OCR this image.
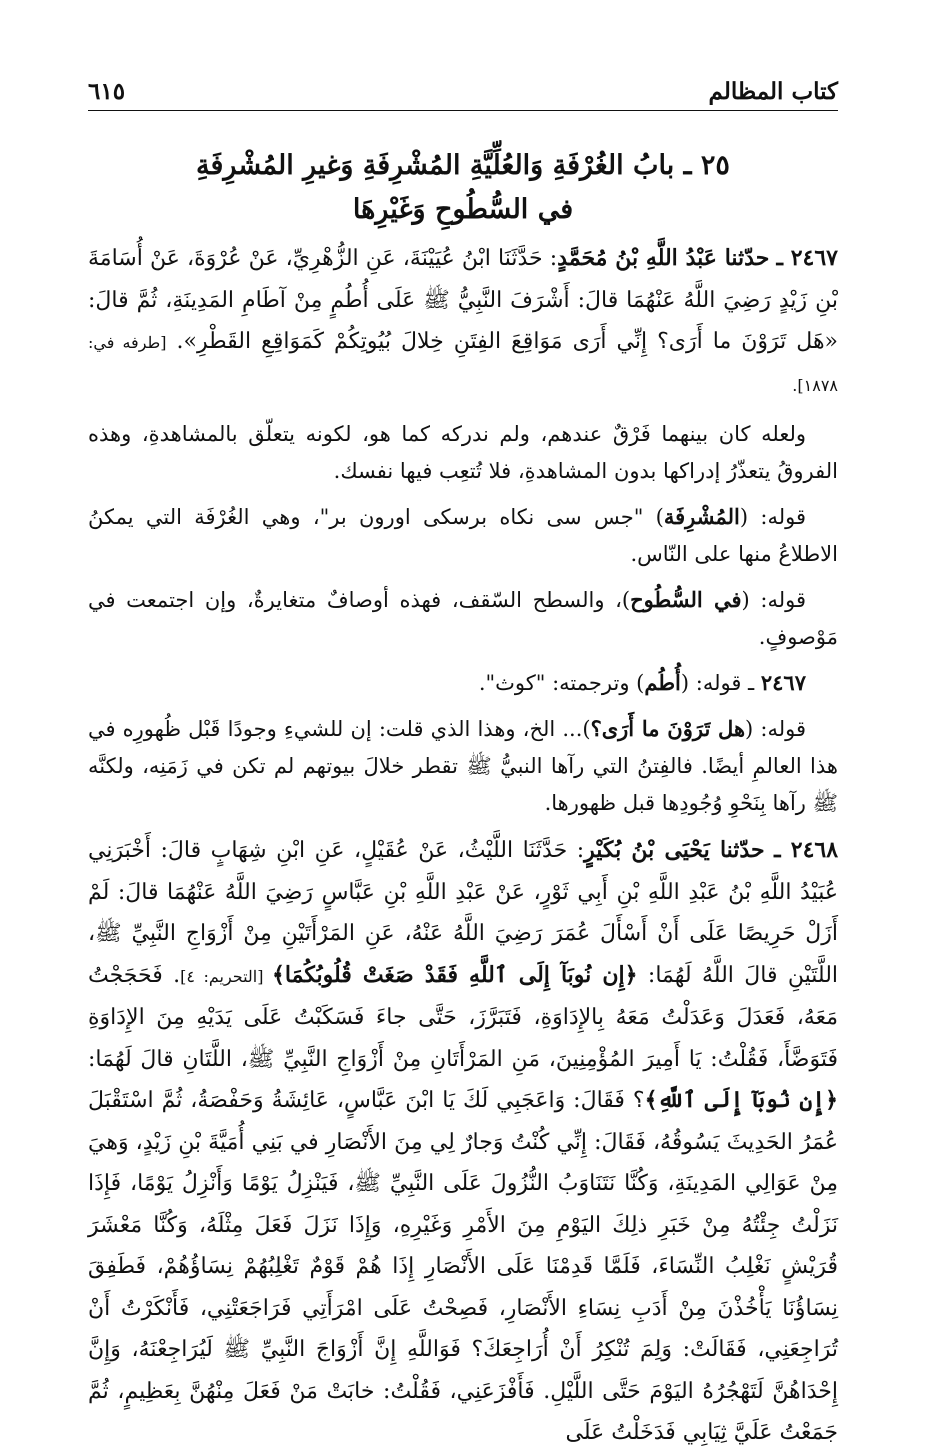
كتاب المظالم
٦١٥
٢٥ ـ بابُ الغُرْفَةِ وَالعُلِّيَّةِ المُشْرِفَةِ وَغيرِ المُشْرِفَةِ
في السُّطُوحِ وَغَيْرِهَا

٢٤٦٧ ـ حدّثنا عَبْدُ اللَّهِ بْنُ مُحَمَّدٍ: حَدَّثَنَا ابْنُ عُيَيْنَةَ، عَنِ الزُّهْرِيِّ، عَنْ عُرْوَةَ، عَنْ أُسَامَةَ بْنِ زَيْدٍ رَضِيَ اللَّهُ عَنْهُمَا قالَ: أَشْرَفَ النَّبِيُّ ﷺ عَلَى أُطُمٍ مِنْ آطَامِ المَدِينَةِ، ثُمَّ قالَ: «هَل تَرَوْنَ ما أَرَى؟ إِنِّي أَرَى مَوَاقِعَ الفِتَنِ خِلالَ بُيُوتِكُمْ كَمَوَاقِعِ القَطْرِ». [طرفه في: ١٨٧٨].

ولعله كان بينهما فَرْقٌ عندهم، ولم ندركه كما هو، لكونه يتعلّق بالمشاهدةِ، وهذه الفروقُ يتعذّرُ إدراكها بدون المشاهدةِ، فلا تُتعِب فيها نفسك.

قوله: (المُشْرِفَة) "جس سى نكاه برسكى اورون بر"، وهي الغُرْفَة التي يمكنُ الاطلاعُ منها على النّاس.

قوله: (في السُّطُوح)، والسطح السّقف، فهذه أوصافٌ متغايرةٌ، وإن اجتمعت في مَوْصوفٍ.

٢٤٦٧ ـ قوله: (أُطُم) وترجمته: "كوث".

قوله: (هل تَرَوْنَ ما أَرَى؟)... الخ، وهذا الذي قلت: إن للشيءِ وجودًا قَبْل ظُهورِه في هذا العالمِ أيضًا. فالفِتنُ التي رآها النبيُّ ﷺ تقطر خلالَ بيوتهم لم تكن في زَمَنِه، ولكنَّه ﷺ رآها بِنَحْوِ وُجُودِها قبل ظهورها.

٢٤٦٨ ـ حدّثنا يَحْيَى بْنُ بُكَيْرٍ: حَدَّثَنَا اللَّيْثُ، عَنْ عُقَيْلٍ، عَنِ ابْنِ شِهَابٍ قالَ: أَخْبَرَنِي عُبَيْدُ اللَّهِ بْنُ عَبْدِ اللَّهِ بْنِ أَبِي ثَوْرٍ، عَنْ عَبْدِ اللَّهِ بْنِ عَبَّاسٍ رَضِيَ اللَّهُ عَنْهُمَا قالَ: لَمْ أَزَلْ حَرِيصًا عَلَى أَنْ أَسْأَلَ عُمَرَ رَضِيَ اللَّهُ عَنْهُ، عَنِ المَرْأَتَيْنِ مِنْ أَزْوَاجِ النَّبِيِّ ﷺ، اللَّتَيْنِ قالَ اللَّهُ لَهُمَا: ﴿إِن نُوبَآ إِلَى ٱللَّهِ فَقَدْ صَغَتْ قُلُوبُكُمَا﴾ [التحريم: ٤]. فَحَجَجْتُ مَعَهُ، فَعَدَلَ وَعَدَلْتُ مَعَهُ بِالإِدَاوَةِ، فَتَبَرَّزَ، حَتَّى جاءَ فَسَكَبْتُ عَلَى يَدَيْهِ مِنَ الإِدَاوَةِ فَتَوَضَّأَ، فَقُلْتُ: يَا أَمِيرَ المُؤْمِنِينَ، مَنِ المَرْأَتَانِ مِنْ أَزْوَاجِ النَّبِيِّ ﷺ، اللَّتَانِ قالَ لَهُمَا: ﴿إِن نُوبَآ إِلَى ٱللَّهِ﴾؟ فَقَالَ: وَاعَجَبِي لَكَ يَا ابْنَ عَبَّاسٍ، عَائِشَةُ وَحَفْصَةُ، ثُمَّ اسْتَقْبَلَ عُمَرُ الحَدِيثَ يَسُوقُهُ، فَقَالَ: إِنِّي كُنْتُ وَجارٌ لِي مِنَ الأَنْصَارِ في بَنِي أُمَيَّةَ بْنِ زَيْدٍ، وَهيَ مِنْ عَوَالِي المَدِينَةِ، وَكُنَّا نَتَنَاوَبُ النُّزُولَ عَلَى النَّبِيِّ ﷺ، فَيَنْزِلُ يَوْمًا وَأَنْزِلُ يَوْمًا، فَإِذَا نَزَلْتُ جِئْتُهُ مِنْ خَبَرِ ذلِكَ اليَوْمِ مِنَ الأَمْرِ وَغَيْرِهِ، وَإِذَا نَزَلَ فَعَلَ مِثْلَهُ، وَكُنَّا مَعْشَرَ قُرَيْشٍ نَغْلِبُ النِّسَاءَ، فَلَمَّا قَدِمْنَا عَلَى الأَنْصَارِ إِذَا هُمْ قَوْمٌ تَغْلِبُهُمْ نِسَاؤُهُمْ، فَطَفِقَ نِسَاؤُنَا يَأْخُذْنَ مِنْ أَدَبِ نِسَاءِ الأَنْصَارِ، فَصِحْتُ عَلَى امْرَأَتِي فَرَاجَعَتْنِي، فَأَنْكَرْتُ أَنْ تُرَاجِعَنِي، فَقَالَتْ: وَلِمَ تُنْكِرُ أَنْ أُرَاجِعَكَ؟ فَوَاللَّهِ إِنَّ أَزْوَاجَ النَّبِيِّ ﷺ لَيُرَاجِعْنَهُ، وَإِنَّ إِحْدَاهُنَّ لَتَهْجُرُهُ اليَوْمَ حَتَّى اللَّيْلِ. فَأَفْزَعَنِي، فَقُلْتُ: خابَتْ مَنْ فَعَلَ مِنْهُنَّ بِعَظِيمٍ، ثُمَّ جَمَعْتُ عَلَيَّ ثِيَابِي فَدَخَلْتُ عَلَى
